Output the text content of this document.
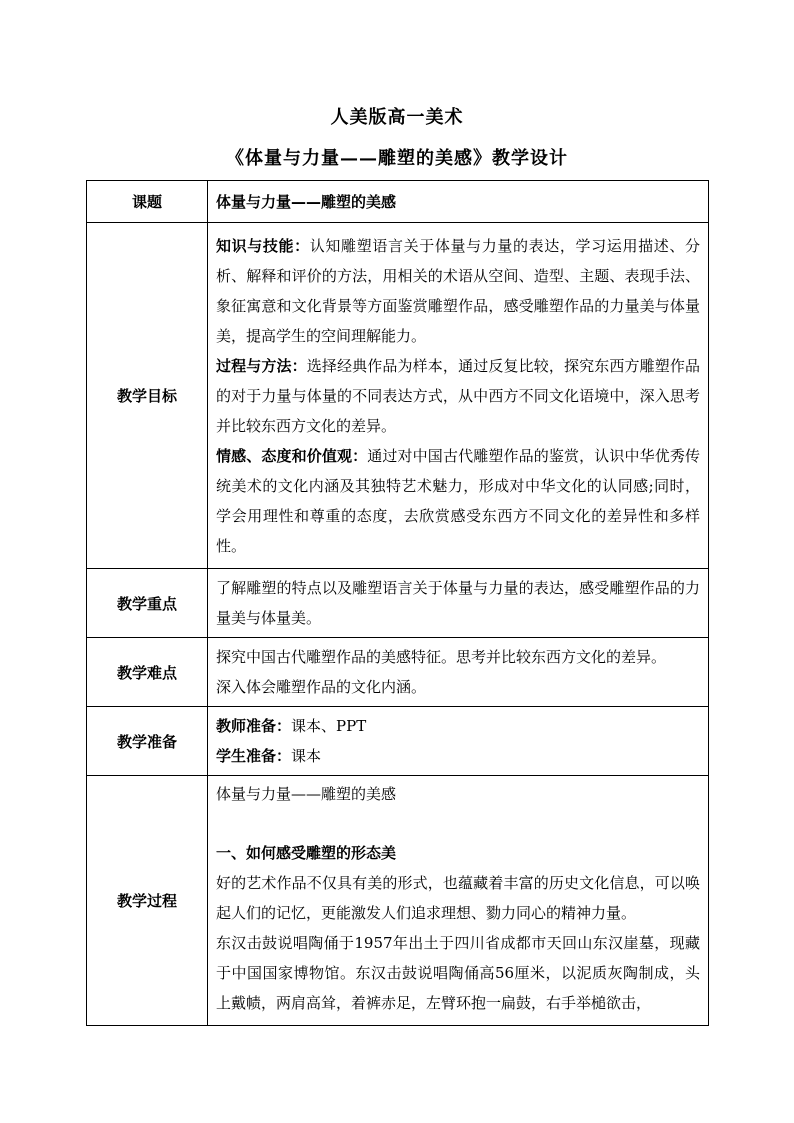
人美版高一美术
《体量与力量——雕塑的美感》教学设计
课题	体量与力量——雕塑的美感
教学目标	知识与技能：认知雕塑语言关于体量与力量的表达，学习运用描述、分析、解释和评价的方法，用相关的术语从空间、造型、主题、表现手法、象征寓意和文化背景等方面鉴赏雕塑作品，感受雕塑作品的力量美与体量美，提高学生的空间理解能力。

过程与方法：选择经典作品为样本，通过反复比较，探究东西方雕塑作品的对于力量与体量的不同表达方式，从中西方不同文化语境中，深入思考并比较东西方文化的差异。

情感、态度和价值观：通过对中国古代雕塑作品的鉴赏，认识中华优秀传统美术的文化内涵及其独特艺术魅力，形成对中华文化的认同感;同时，学会用理性和尊重的态度，去欣赏感受东西方不同文化的差异性和多样性。

教学重点	了解雕塑的特点以及雕塑语言关于体量与力量的表达，感受雕塑作品的力量美与体量美。

教学难点	探究中国古代雕塑作品的美感特征。思考并比较东西方文化的差异。

深入体会雕塑作品的文化内涵。

教学准备	教师准备：课本、PPT

学生准备：课本

教学过程	体量与力量——雕塑的美感

一、如何感受雕塑的形态美

好的艺术作品不仅具有美的形式，也蕴藏着丰富的历史文化信息，可以唤起人们的记忆，更能激发人们追求理想、勠力同心的精神力量。

东汉击鼓说唱陶俑于1957年出土于四川省成都市天回山东汉崖墓，现藏于中国国家博物馆。东汉击鼓说唱陶俑高56厘米，以泥质灰陶制成，头上戴帻，两肩高耸，着裤赤足，左臂环抱一扁鼓，右手举槌欲击，
